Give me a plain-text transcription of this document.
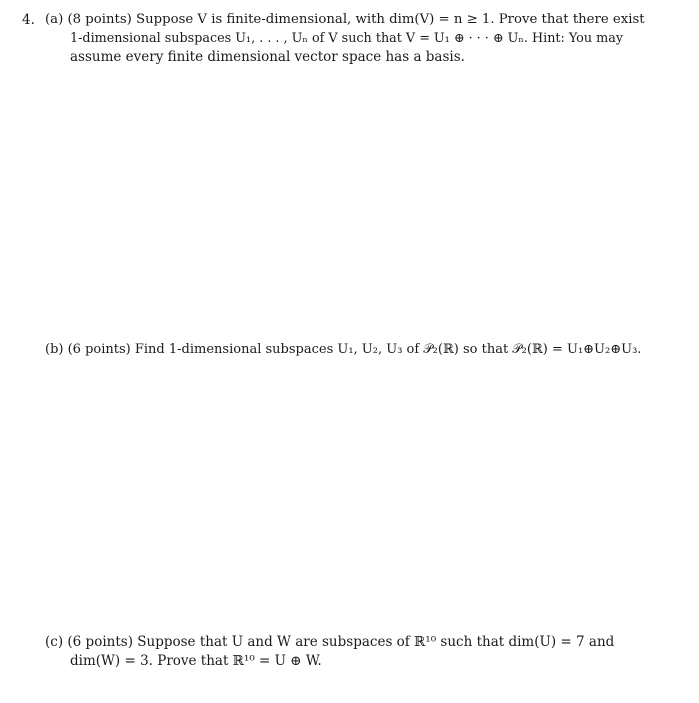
4. (a) (8 points) Suppose V is finite-dimensional, with dim(V) = n ≥ 1. Prove that there exist
1-dimensional subspaces U₁, . . . , Uₙ of V such that V = U₁ ⊕ · · · ⊕ Uₙ. Hint: You may
assume every finite dimensional vector space has a basis.
(b) (6 points) Find 1-dimensional subspaces U₁, U₂, U₃ of 𝒫₂(ℝ) so that 𝒫₂(ℝ) = U₁⊕U₂⊕U₃.
(c) (6 points) Suppose that U and W are subspaces of ℝ¹⁰ such that dim(U) = 7 and
dim(W) = 3. Prove that ℝ¹⁰ = U ⊕ W.
